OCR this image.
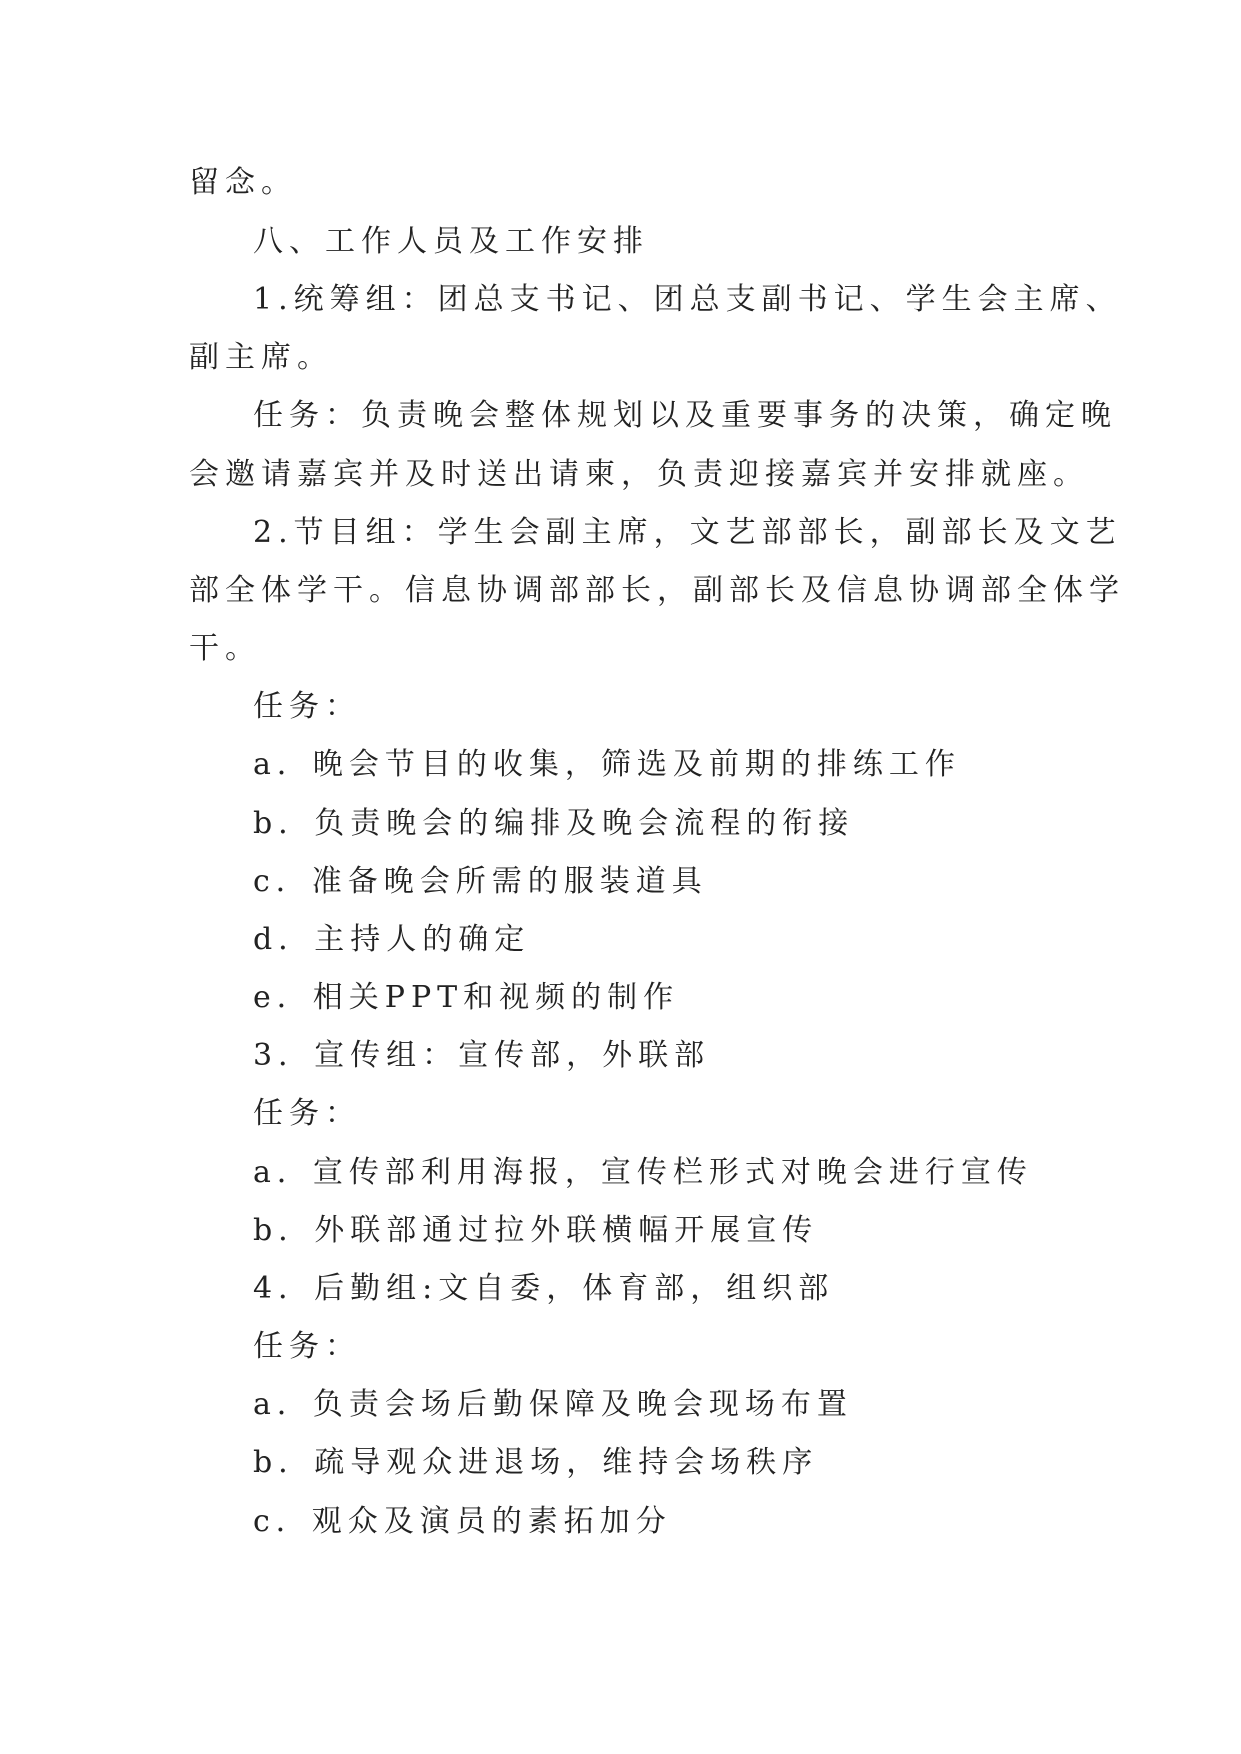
留念。
八、工作人员及工作安排
1.统筹组：团总支书记、团总支副书记、学生会主席、
副主席。
任务：负责晚会整体规划以及重要事务的决策，确定晚
会邀请嘉宾并及时送出请柬，负责迎接嘉宾并安排就座。
2.节目组：学生会副主席，文艺部部长，副部长及文艺
部全体学干。信息协调部部长，副部长及信息协调部全体学
干。
任务：
a．晚会节目的收集，筛选及前期的排练工作
b．负责晚会的编排及晚会流程的衔接
c．准备晚会所需的服装道具
d．主持人的确定
e．相关PPT和视频的制作
3．宣传组：宣传部，外联部
任务：
a．宣传部利用海报，宣传栏形式对晚会进行宣传
b．外联部通过拉外联横幅开展宣传
4．后勤组:文自委，体育部，组织部
任务：
a．负责会场后勤保障及晚会现场布置
b．疏导观众进退场，维持会场秩序
c．观众及演员的素拓加分
